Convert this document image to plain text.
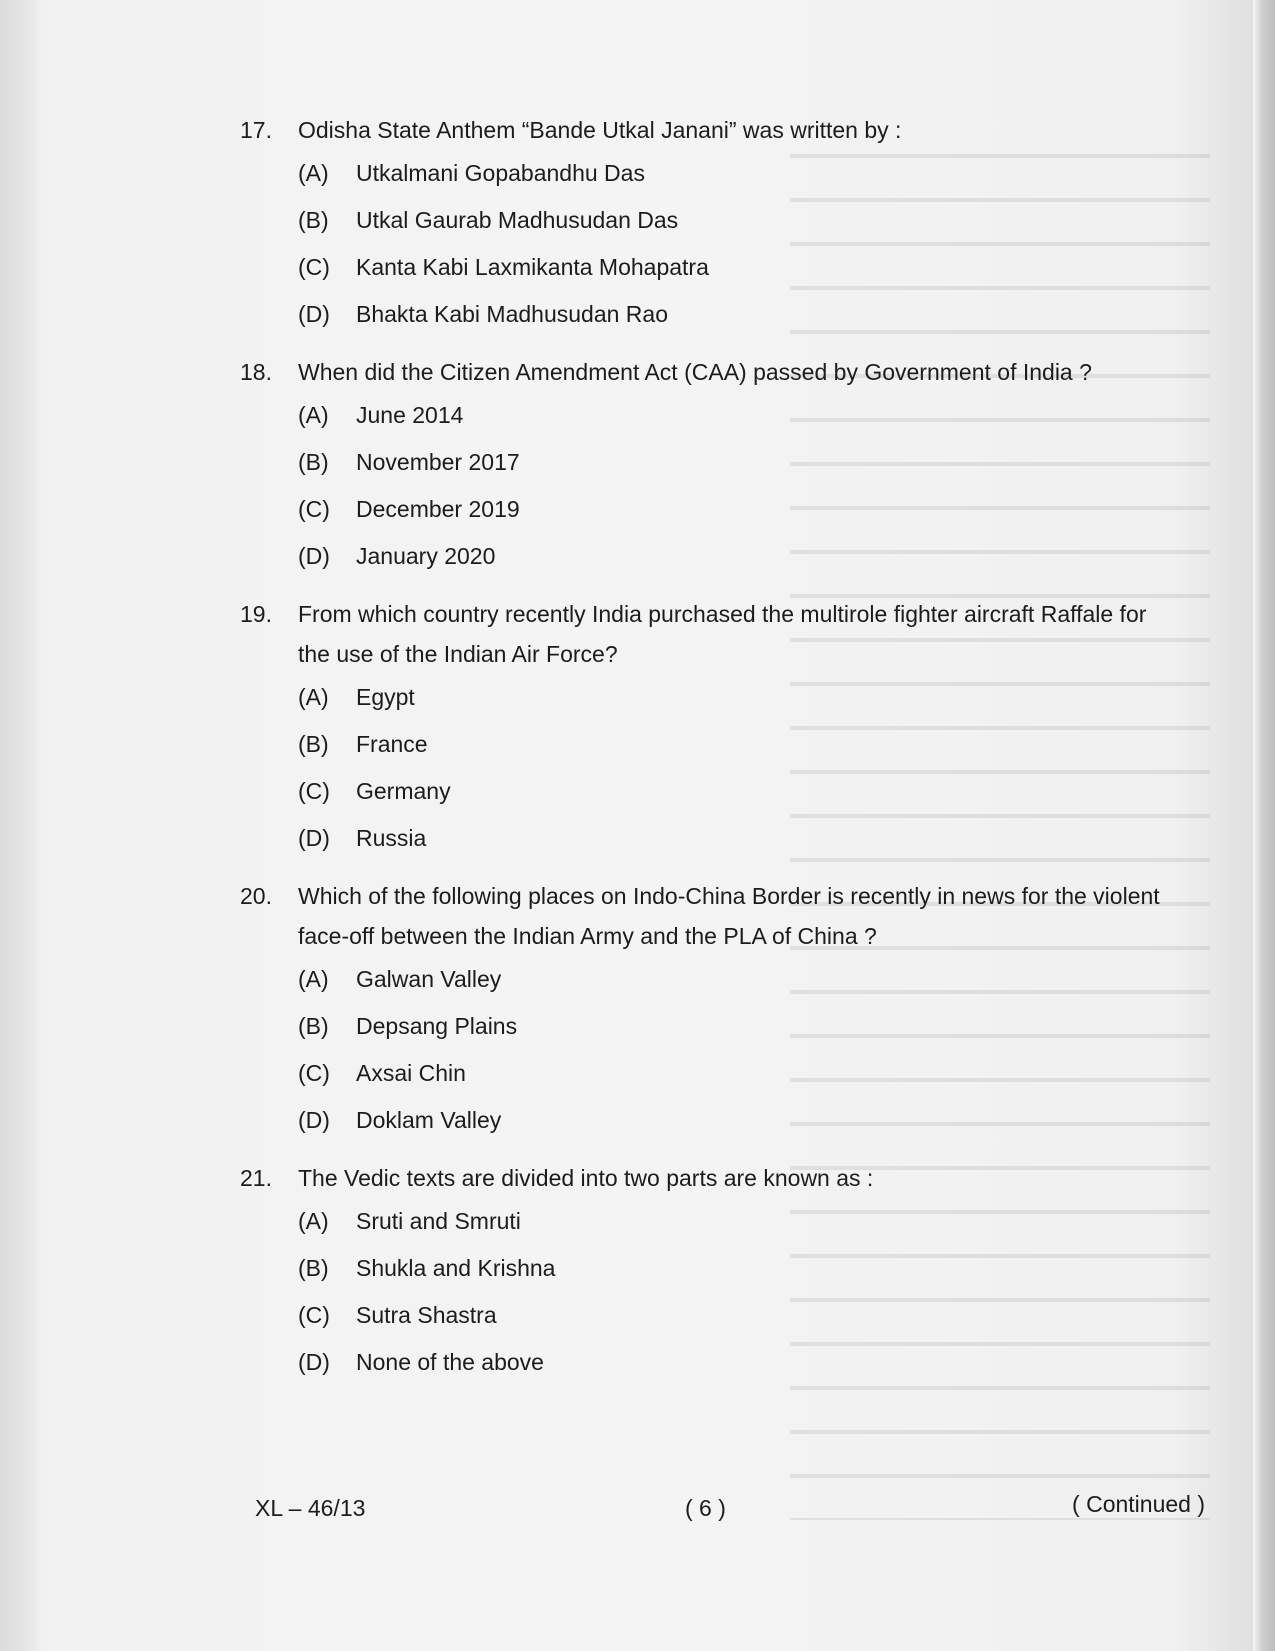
17.	Odisha State Anthem “Bande Utkal Janani” was written by :
(A)	Utkalmani Gopabandhu Das
(B)	Utkal Gaurab Madhusudan Das
(C)	Kanta Kabi Laxmikanta Mohapatra
(D)	Bhakta Kabi Madhusudan Rao
18.	When did the Citizen Amendment Act (CAA) passed by Government of India ?
(A)	June 2014
(B)	November 2017
(C)	December 2019
(D)	January 2020
19.	From which country recently India purchased the multirole fighter aircraft Raffale for the use of the Indian Air Force?
(A)	Egypt
(B)	France
(C)	Germany
(D)	Russia
20.	Which of the following places on Indo-China Border is recently in news for the violent face-off between the Indian Army and the PLA of China ?
(A)	Galwan Valley
(B)	Depsang Plains
(C)	Axsai Chin
(D)	Doklam Valley
21.	The Vedic texts are divided into two parts are known as :
(A)	Sruti and Smruti
(B)	Shukla and Krishna
(C)	Sutra Shastra
(D)	None of the above
XL – 46/13	( 6 )	( Continued )
